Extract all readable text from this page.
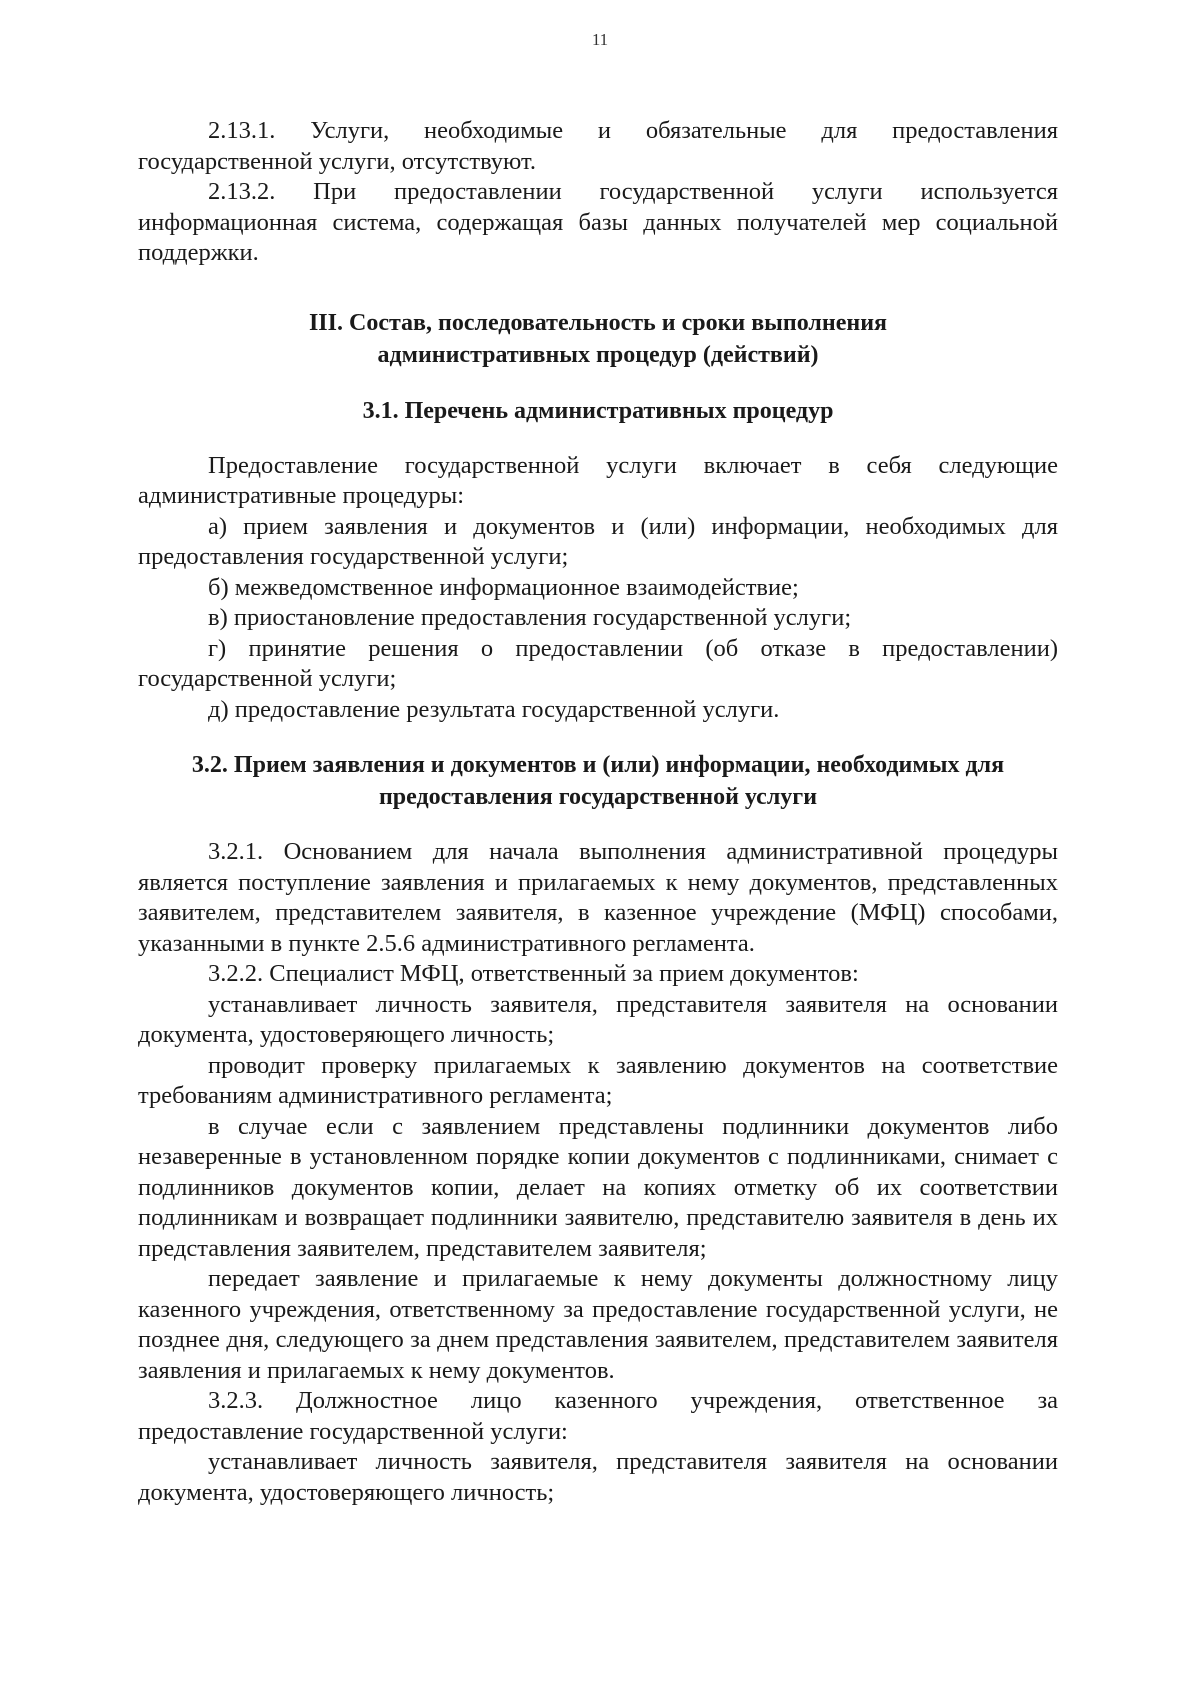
11

2.13.1. Услуги, необходимые и обязательные для предоставления государственной услуги, отсутствуют.

2.13.2. При предоставлении государственной услуги используется информационная система, содержащая базы данных получателей мер социальной поддержки.

III. Состав, последовательность и сроки выполнения
административных процедур (действий)
3.1. Перечень административных процедур

Предоставление государственной услуги включает в себя следующие административные процедуры:

а) прием заявления и документов и (или) информации, необходимых для предоставления государственной услуги;

б) межведомственное информационное взаимодействие;

в) приостановление предоставления государственной услуги;

г) принятие решения о предоставлении (об отказе в предоставлении) государственной услуги;

д) предоставление результата государственной услуги.

3.2. Прием заявления и документов и (или) информации, необходимых для
предоставления государственной услуги

3.2.1. Основанием для начала выполнения административной процедуры является поступление заявления и прилагаемых к нему документов, представленных заявителем, представителем заявителя, в казенное учреждение (МФЦ) способами, указанными в пункте 2.5.6 административного регламента.

3.2.2. Специалист МФЦ, ответственный за прием документов:

устанавливает личность заявителя, представителя заявителя на основании документа, удостоверяющего личность;

проводит проверку прилагаемых к заявлению документов на соответствие требованиям административного регламента;

в случае если с заявлением представлены подлинники документов либо незаверенные в установленном порядке копии документов с подлинниками, снимает с подлинников документов копии, делает на копиях отметку об их соответствии подлинникам и возвращает подлинники заявителю, представителю заявителя в день их представления заявителем, представителем заявителя;

передает заявление и прилагаемые к нему документы должностному лицу казенного учреждения, ответственному за предоставление государственной услуги, не позднее дня, следующего за днем представления заявителем, представителем заявителя заявления и прилагаемых к нему документов.

3.2.3. Должностное лицо казенного учреждения, ответственное за предоставление государственной услуги:

устанавливает личность заявителя, представителя заявителя на основании документа, удостоверяющего личность;
